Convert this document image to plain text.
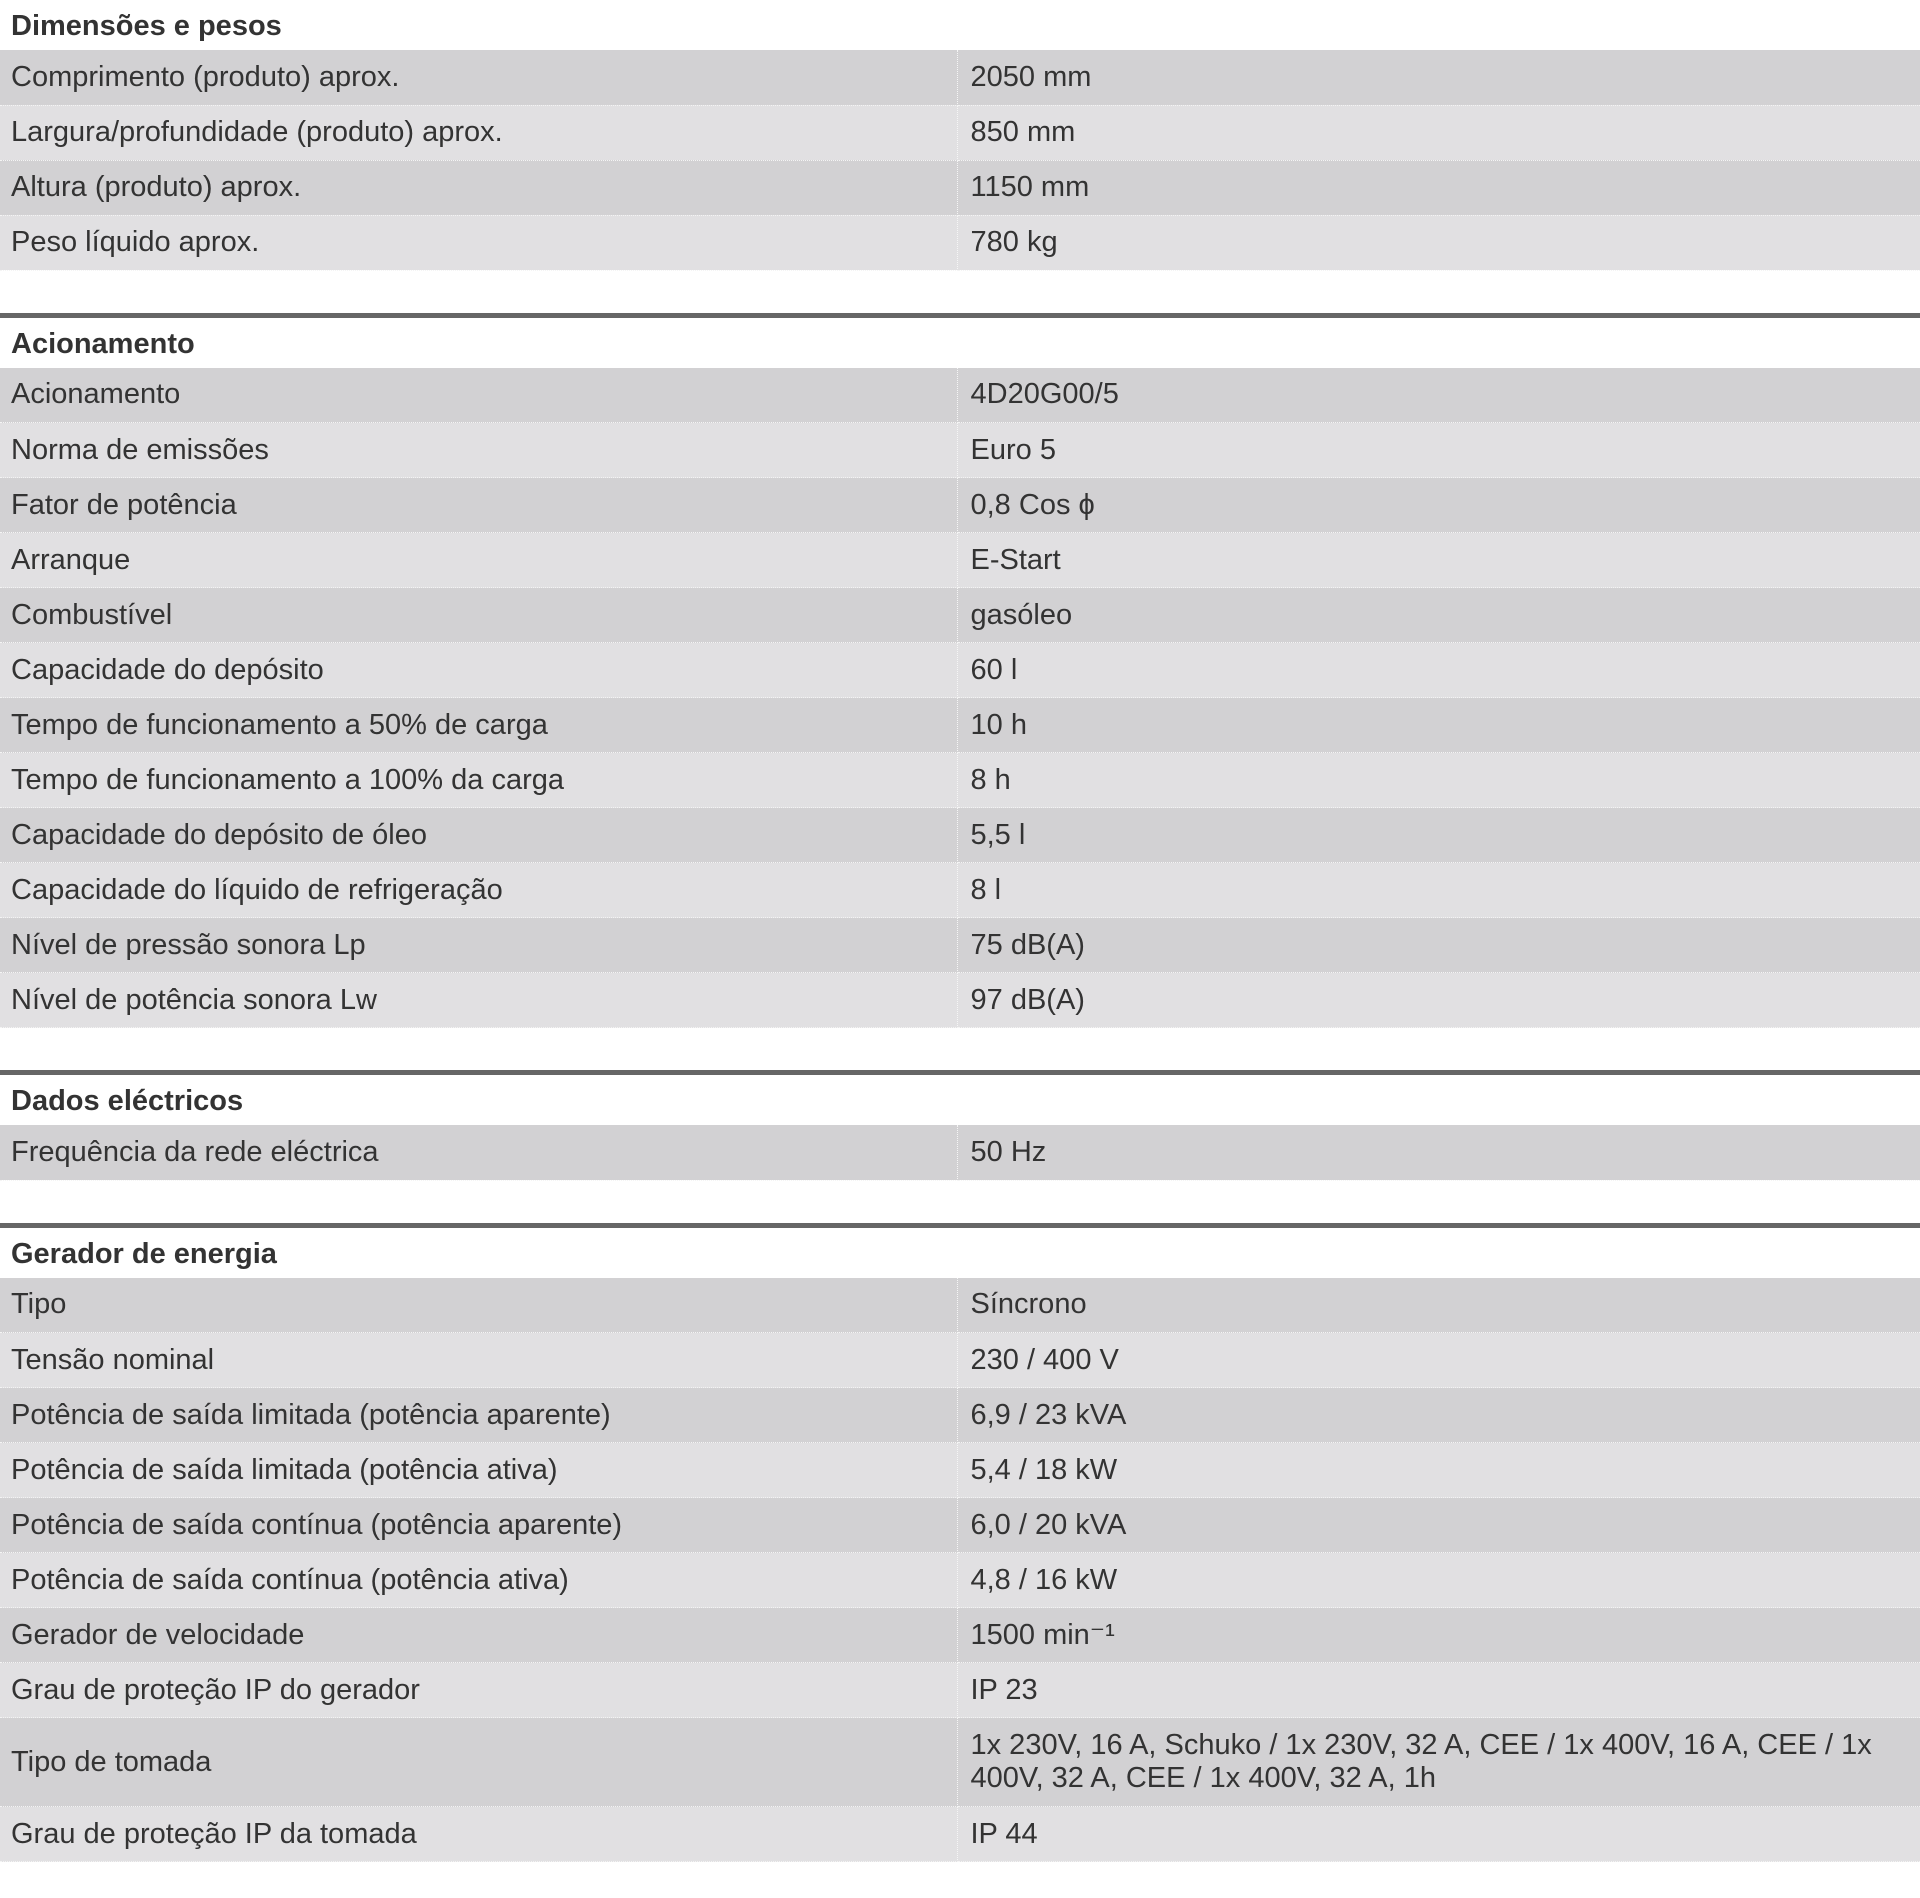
Dimensões e pesos
Comprimento (produto) aprox.	2050 mm
Largura/profundidade (produto) aprox.	850 mm
Altura (produto) aprox.	1150 mm
Peso líquido aprox.	780 kg
Acionamento
Acionamento	4D20G00/5
Norma de emissões	Euro 5
Fator de potência	0,8 Cos ϕ
Arranque	E-Start
Combustível	gasóleo
Capacidade do depósito	60 l
Tempo de funcionamento a 50% de carga	10 h
Tempo de funcionamento a 100% da carga	8 h
Capacidade do depósito de óleo	5,5 l
Capacidade do líquido de refrigeração	8 l
Nível de pressão sonora Lp	75 dB(A)
Nível de potência sonora Lw	97 dB(A)
Dados eléctricos
Frequência da rede eléctrica	50 Hz
Gerador de energia
Tipo	Síncrono
Tensão nominal	230 / 400 V
Potência de saída limitada (potência aparente)	6,9 / 23 kVA
Potência de saída limitada (potência ativa)	5,4 / 18 kW
Potência de saída contínua (potência aparente)	6,0 / 20 kVA
Potência de saída contínua (potência ativa)	4,8 / 16 kW
Gerador de velocidade	1500 min⁻¹
Grau de proteção IP do gerador	IP 23
Tipo de tomada	1x 230V, 16 A, Schuko / 1x 230V, 32 A, CEE / 1x 400V, 16 A, CEE / 1x 400V, 32 A, CEE / 1x 400V, 32 A, 1h
Grau de proteção IP da tomada	IP 44
